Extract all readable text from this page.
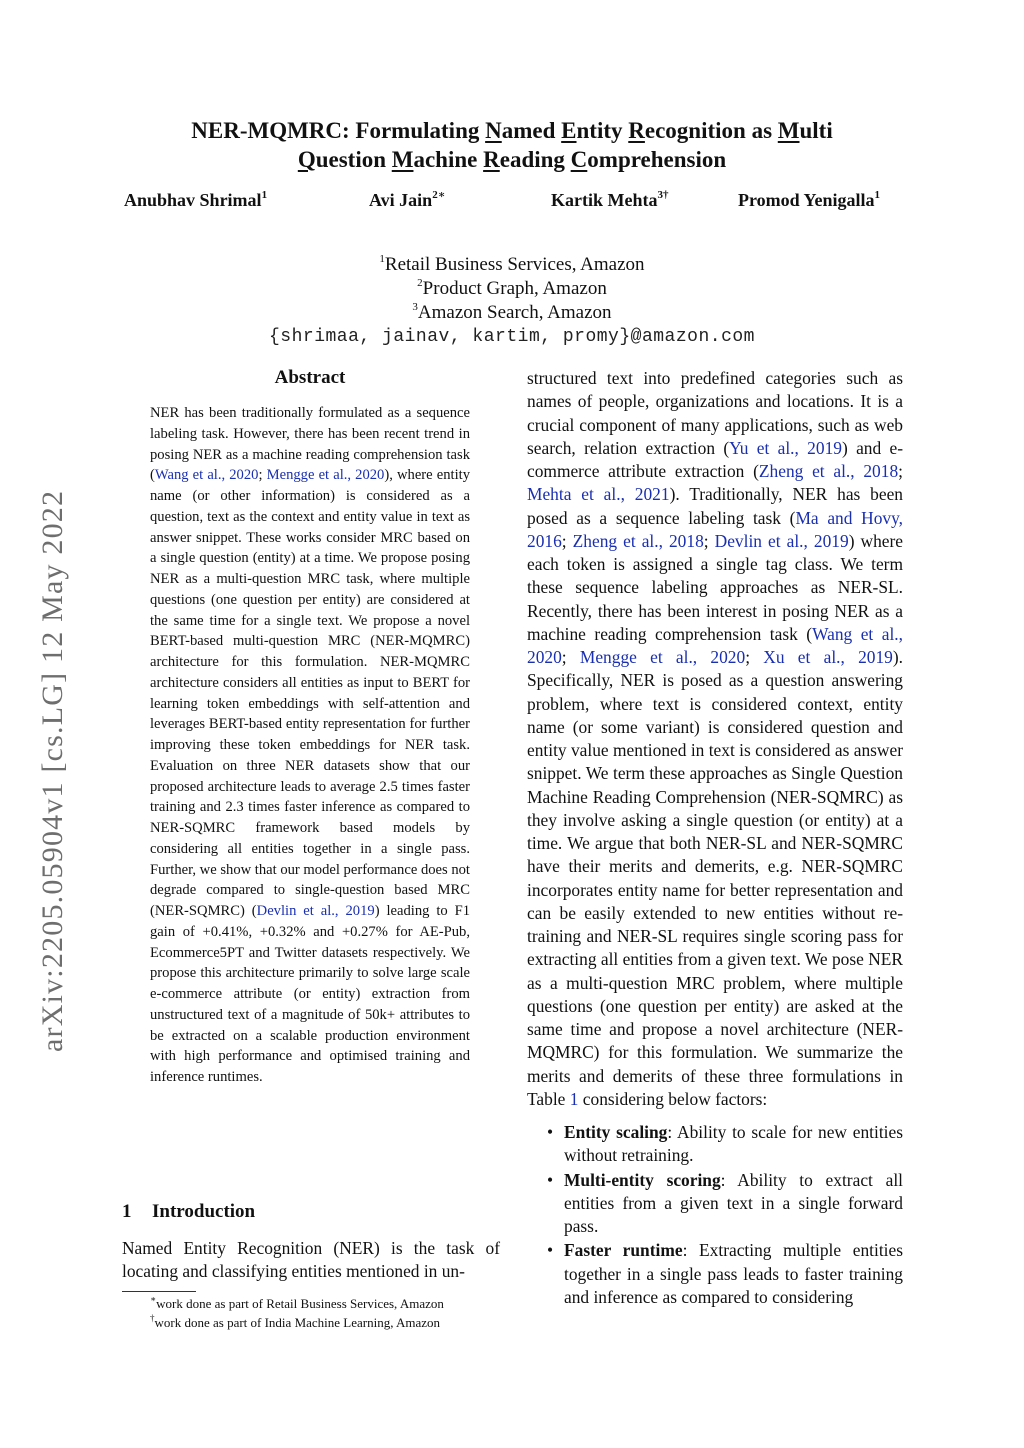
arXiv:2205.05904v1 [cs.LG] 12 May 2022
NER-MQMRC: Formulating Named Entity Recognition as Multi
Question Machine Reading Comprehension
Anubhav Shrimal$^1$	Avi Jain$^{2∗}$	Kartik Mehta$^{3\dagger}$	Promod Yenigalla$^1$
$^1$Retail Business Services, Amazon
$^2$Product Graph, Amazon
$^3$Amazon Search, Amazon
{shrimaa, jainav, kartim, promy}@amazon.com
Abstract

NER has been traditionally formulated as a sequence labeling task. However, there has been recent trend in posing NER as a machine reading comprehension task (Wang et al., 2020; Mengge et al., 2020), where entity name (or other information) is considered as a question, text as the context and entity value in text as answer snippet. These works consider MRC based on a single question (entity) at a time. We propose posing NER as a multi-question MRC task, where multiple questions (one question per entity) are considered at the same time for a single text. We propose a novel BERT-based multi-question MRC (NER-MQMRC) architecture for this formulation. NER-MQMRC architecture considers all entities as input to BERT for learning token embeddings with self-attention and leverages BERT-based entity representation for further improving these token embeddings for NER task. Evaluation on three NER datasets show that our proposed architecture leads to average 2.5 times faster training and 2.3 times faster inference as compared to NER-SQMRC framework based models by considering all entities together in a single pass. Further, we show that our model performance does not degrade compared to single-question based MRC (NER-SQMRC) (Devlin et al., 2019) leading to F1 gain of +0.41%, +0.32% and +0.27% for AE-Pub, Ecommerce5PT and Twitter datasets respectively. We propose this architecture primarily to solve large scale e-commerce attribute (or entity) extraction from unstructured text of a magnitude of 50k+ attributes to be extracted on a scalable production environment with high performance and optimised training and inference runtimes.

1 Introduction
Named Entity Recognition (NER) is the task of locating and classifying entities mentioned in un-
∗work done as part of Retail Business Services, Amazon
†work done as part of India Machine Learning, Amazon

structured text into predefined categories such as names of people, organizations and locations. It is a crucial component of many applications, such as web search, relation extraction (Yu et al., 2019) and e-commerce attribute extraction (Zheng et al., 2018; Mehta et al., 2021). Traditionally, NER has been posed as a sequence labeling task (Ma and Hovy, 2016; Zheng et al., 2018; Devlin et al., 2019) where each token is assigned a single tag class. We term these sequence labeling approaches as NER-SL. Recently, there has been interest in posing NER as a machine reading comprehension task (Wang et al., 2020; Mengge et al., 2020; Xu et al., 2019). Specifically, NER is posed as a question answering problem, where text is considered context, entity name (or some variant) is considered question and entity value mentioned in text is considered as answer snippet. We term these approaches as Single Question Machine Reading Comprehension (NER-SQMRC) as they involve asking a single question (or entity) at a time. We argue that both NER-SL and NER-SQMRC have their merits and demerits, e.g. NER-SQMRC incorporates entity name for better representation and can be easily extended to new entities without re-training and NER-SL requires single scoring pass for extracting all entities from a given text. We pose NER as a multi-question MRC problem, where multiple questions (one question per entity) are asked at the same time and propose a novel architecture (NER-MQMRC) for this formulation. We summarize the merits and demerits of these three formulations in Table 1 considering below factors:

• Entity scaling: Ability to scale for new entities without retraining.
• Multi-entity scoring: Ability to extract all entities from a given text in a single forward pass.
• Faster runtime: Extracting multiple entities together in a single pass leads to faster training and inference as compared to considering
